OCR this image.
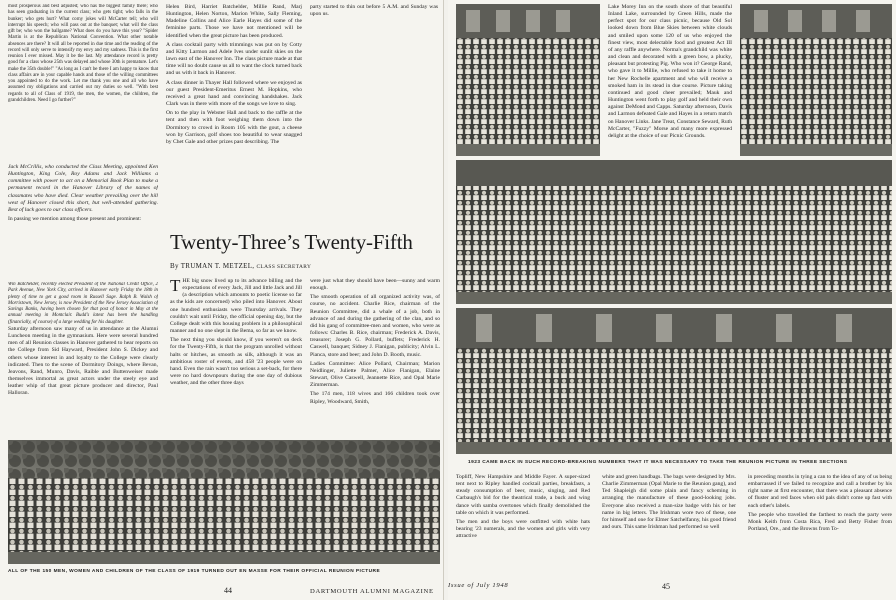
most prosperous and best adjusted; who has the biggest family there; who has seen graduating in the current class; who gets tight; who falls in the bunker; who gets hurt? What corny jokes will McCarter tell; who will interrupt his speech; who will pass out at the banquet; what will the class gift be; who won the ballgame? What does do you have this year? "Spider Martin is at the Republican National Convention. What other notable absences are there? It will all be reported in due time and the reading of the record will only serve to intensify my envy and my sadness. This is the first reunion I ever missed. May it be the last. My attendance record is pretty good for a class whose 25th was delayed and whose 30th is premature. Let's make the 35th double!" "As long as I can't be there I am happy to know that class affairs are in your capable hands and those of the willing committees you appointed to do the work. Let me thank you one and all who have assumed my obligations and carried out my duties so well. "With best regards to all of Class of 1919, the men, the women, the children, the grandchildren. Need I go further?"

Jack McCrillis, who conducted the Class Meeting, appointed Ken Huntington, King Cole, Roy Adams and Jack Williams a committee with power to act on a Memorial Book Plan to make a permanent record in the Hanover Library of the names of classmates who have died. Clear weather prevailing over the hill west of Hanover closed this short, but well-attended gathering. Best of luck goes to our class officers.

In passing we mention among those present and prominent:

Win Batchelder, recently elected President of the National Credit Office, 2 Park Avenue, New York City, arrived in Hanover early Friday the 18th in plenty of time to get a good room in Russell Sage. Ralph B. Walsh of Morristown, New Jersey, is now President of the New Jersey Association of Savings Banks, having been chosen for that post of honor in May at the annual meeting in Montclair. Budd's latest has been the handling (financially, of course) of a large wedding for his daughter.

Saturday afternoon saw many of us in attendance at the Alumni Luncheon meeting in the gymnasium. Here were several hundred men of all Reunion classes in Hanover gathered to hear reports on the College from Sid Hayward, President John S. Dickey and others whose interest in and loyalty to the College were clearly indicated. Then to the scene of Dormitory Doings, where Bevan, Jeavons, Rand, Munro, Davis, Raible and Buttenweiser made themselves immortal as great actors under the steely eye and leather whip of that great picture producer and director, Paul Halloran.

Helen Bird, Harriet Batchelder, Millie Rand, Marj Huntington, Helen Norton, Marion White, Sally Fleming, Madeline Collins and Alice Earle Hayes did some of the feminine parts. Those we have not mentioned will be identified when the great picture has been produced.

A class cocktail party with trimmings was put on by Cotty and Kitty Larmon and Adele Ives under sunlit skies on the lawn east of the Hanover Inn. The class picture made at that time will no doubt cause us all to want the clock turned back and us with it back in Hanover.

A class dinner in Thayer Hall followed where we enjoyed as our guest President-Emeritus Ernest M. Hopkins, who received a great hand and convincing handshakes. Jack Clark was in there with more of the songs we love to sing.

On to the play in Webster Hall and back to the raffle at the tent and then with foot weighing them down into the Dormitory to crowd in Room 105 with the gout, a cheese won by Garrison, golf shoes too beautiful to wear snagged by Chet Gale and other prizes past describing. The

party started to thin out before 5 A.M. and Sunday was upon us.

Twenty-Three’s Twenty-Fifth
By TRUMAN T. METZEL, CLASS SECRETARY

THE big snow lived up to its advance billing and the expectations of every Jack, Jill and little Jack and Jill (a description which amounts to poetic license so far as the kids are concerned) who piled into Hanover. About one hundred enthusiasts were Thursday arrivals. They couldn't wait until Friday, the official opening day, but the College dealt with this housing problem in a philosophical manner and no one slept in the Bema, so far as we know.

The next thing you should know, if you weren't on deck for the Twenty-Fifth, is that the program unrolled without halts or hitches, as smooth as silk, although it was an ambitious roster of events, and 458 '23 people were on hand. Even the rain wasn't too serious a set-back, for there were no hard downpours during the one day of dubious weather, and the other three days

were just what they should have been—sunny and warm enough.

The smooth operation of all organized activity was, of course, no accident. Charlie Rice, chairman of the Reunion Committee, did a whale of a job, both in advance of and during the gathering of the clan, and so did his gang of committee-men and women, who were as follows: Charles B. Rice, chairman; Frederick A. Davis, treasurer; Joseph G. Pollard, buffets; Frederick H. Caswell, banquet; Sidney J. Flanigan, publicity; Alvin L. Pianca, store and beer; and John D. Booth, music.

Ladies Committee: Alice Pollard, Chairman; Marion Neidlinger, Juliette Palmer, Alice Flanigan, Elaine Stewart, Olive Caswell, Jeannette Rice, and Opal Marie Zimmerman.

The 174 men, 118 wives and 166 children took over Ripley, Woodward, Smith,

ALL OF THE 150 MEN, WOMEN AND CHILDREN OF THE CLASS OF 1919 TURNED OUT EN MASSE FOR THEIR OFFICIAL REUNION PICTURE
44	DARTMOUTH ALUMNI MAGAZINE

Lake Morey Inn on the south shore of that beautiful Inland Lake, surrounded by Green Hills, made the perfect spot for our class picnic, because Old Sol looked down from Blue Skies between white clouds and smiled upon some 120 of us who enjoyed the finest view, most delectable food and greatest Act III of any raffle anywhere. Norma's grandchild was white and clean and decorated with a green bow, a plucky, pleasant but protesting Pig. Who won it? George Rand, who gave it to Millie, who refused to take it home to her New Rochelle apartment and who will receive a smoked ham in its stead in due course. Picture taking continued and good cheer prevailed; Mauk and Huntington went forth to play golf and held their own against DeMond and Capps. Saturday afternoon, Davis and Larmon defeated Gale and Hayes in a return match on Hanover Links. Jane Treat, Constance Seward, Ruth McCarter, "Fuzzy" Morse and many more expressed delight at the choice of our Picnic Grounds.

1923 CAME BACK IN SUCH RECORD-BREAKING NUMBERS THAT IT WAS NECESSARY TO TAKE THE REUNION PICTURE IN THREE SECTIONS

Topliff, New Hampshire and Middle Fayer. A super-sized tent next to Ripley handled cocktail parties, breakfasts, a steady consumption of beer, music, singing, and Red Carbaugh's bid for the theatrical trade, a buck and wing dance with samba overtones which finally demolished the table on which it was performed.

The men and the boys were outfitted with white hats bearing '23 numerals, and the women and girls with very attractive

white and green handbags. The bags were designed by Mrs. Charlie Zimmerman (Opal Marie to the Reunion gang), and Ted Shapleigh did some plain and fancy scheming in arranging the manufacture of these good-looking jobs. Everyone also received a man-size badge with his or her name in big letters. The Irishman wore two of these, one for himself and one for Elmer Satchelfanny, his good friend and ours. This same Irishman had performed so well

in preceding months in tying a can to the idea of any of us being embarrassed if we failed to recognize and call a brother by his right name at first encounter, that there was a pleasant absence of fluster and red faces when old pals didn't come up fast with each other's labels.

The people who travelled the farthest to reach the party were Monk Keith from Costa Rica, Fred and Betty Fisher from Portland, Ore., and the Browns from To-

Issue of July 1948	45
